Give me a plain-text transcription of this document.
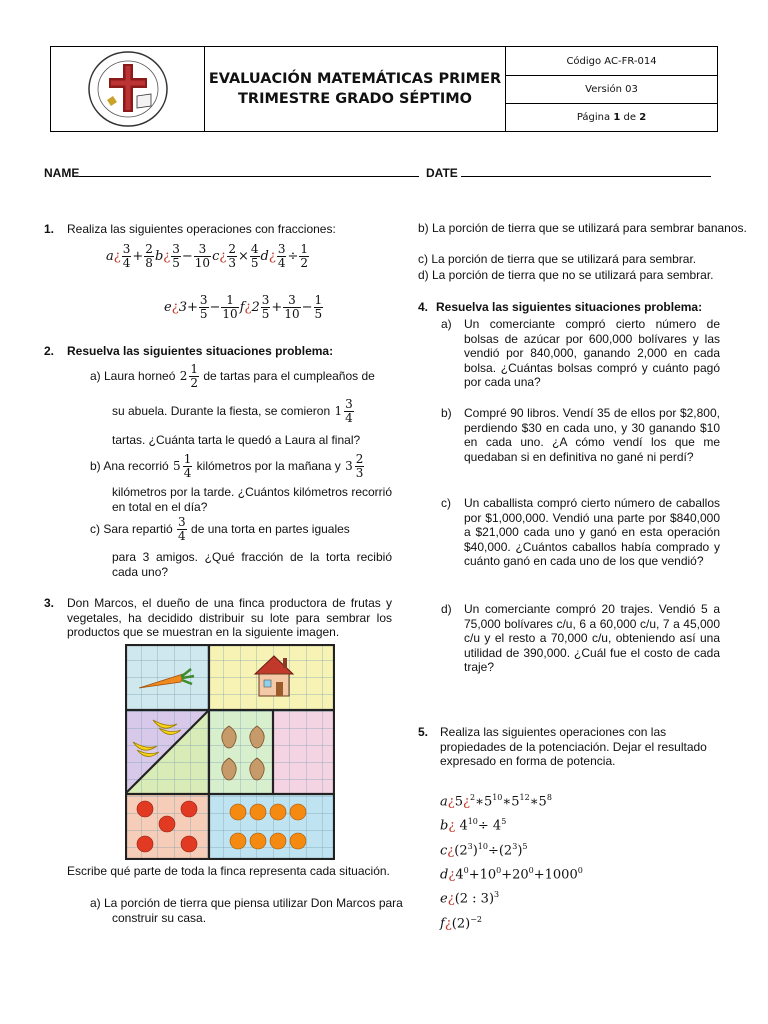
EVALUACIÓN MATEMÁTICAS PRIMER TRIMESTRE GRADO SÉPTIMO
Código AC-FR-014
Versión 03
Página
1
de
2
NAME	DATE
1. Realiza las siguientes operaciones con fracciones:
a¿ $\frac{3}{4} + \frac{2}{8}$ b¿ $\frac{3}{5} - \frac{3}{10}$ c¿ $\frac{2}{3} \times \frac{4}{5}$ d¿ $\frac{3}{4} \div \frac{1}{2}$
e¿3+ $\frac{3}{5} - \frac{1}{10}$ f¿2 $\frac{3}{5} + \frac{3}{10} - \frac{1}{5}$
2. Resuelva las siguientes situaciones problema:
a) Laura horneó $2 \frac{1}{2}$ de tartas para el cumpleaños de
su abuela. Durante la fiesta, se comieron $1 \frac{3}{4}$
tartas. ¿Cuánta tarta le quedó a Laura al final?
b) Ana recorrió $5 \frac{1}{4}$ kilómetros por la mañana y $3 \frac{2}{3}$
kilómetros por la tarde. ¿Cuántos kilómetros recorrió en total en el día?
c) Sara repartió $\frac{3}{4}$ de una torta en partes iguales
para 3 amigos. ¿Qué fracción de la torta recibió cada uno?
3. Don Marcos, el dueño de una finca productora de frutas y vegetales, ha decidido distribuir su lote para sembrar los productos que se muestran en la siguiente imagen.
Escribe qué parte de toda la finca representa cada situación.
a) La porción de tierra que piensa utilizar Don Marcos para construir su casa.
b) La porción de tierra que se utilizará para sembrar bananos.
c) La porción de tierra que se utilizará para sembrar.
d) La porción de tierra que no se utilizará para sembrar.
4. Resuelva las siguientes situaciones problema:
a) Un comerciante compró cierto número de bolsas de azúcar por 600,000 bolívares y las vendió por 840,000, ganando 2,000 en cada bolsa. ¿Cuántas bolsas compró y cuánto pagó por cada una?
b) Compré 90 libros. Vendí 35 de ellos por $2,800, perdiendo $30 en cada uno, y 30 ganando $10 en cada uno. ¿A cómo vendí los que me quedaban si en definitiva no gané ni perdí?
c) Un caballista compró cierto número de caballos por $1,000,000. Vendió una parte por $840,000 a $21,000 cada uno y ganó en esta operación $40,000. ¿Cuántos caballos había comprado y cuánto ganó en cada uno de los que vendió?
d) Un comerciante compró 20 trajes. Vendió 5 a 75,000 bolívares c/u, 6 a 60,000 c/u, 7 a 45,000 c/u y el resto a 70,000 c/u, obteniendo así una utilidad de 390,000. ¿Cuál fue el costo de cada traje?
5. Realiza las siguientes operaciones con las propiedades de la potenciación. Dejar el resultado expresado en forma de potencia.
$a¿5¿^2∗5^{10}∗5^{12}∗5^8$
b¿ $4^{10}\div 4^5$
$c¿(2^3)^{10}\div(2^3)^5$
$d¿4^0+10^0+20^0+1000^0$
e¿(2 : 3)$^3$
$f¿(2)^{-2}$
